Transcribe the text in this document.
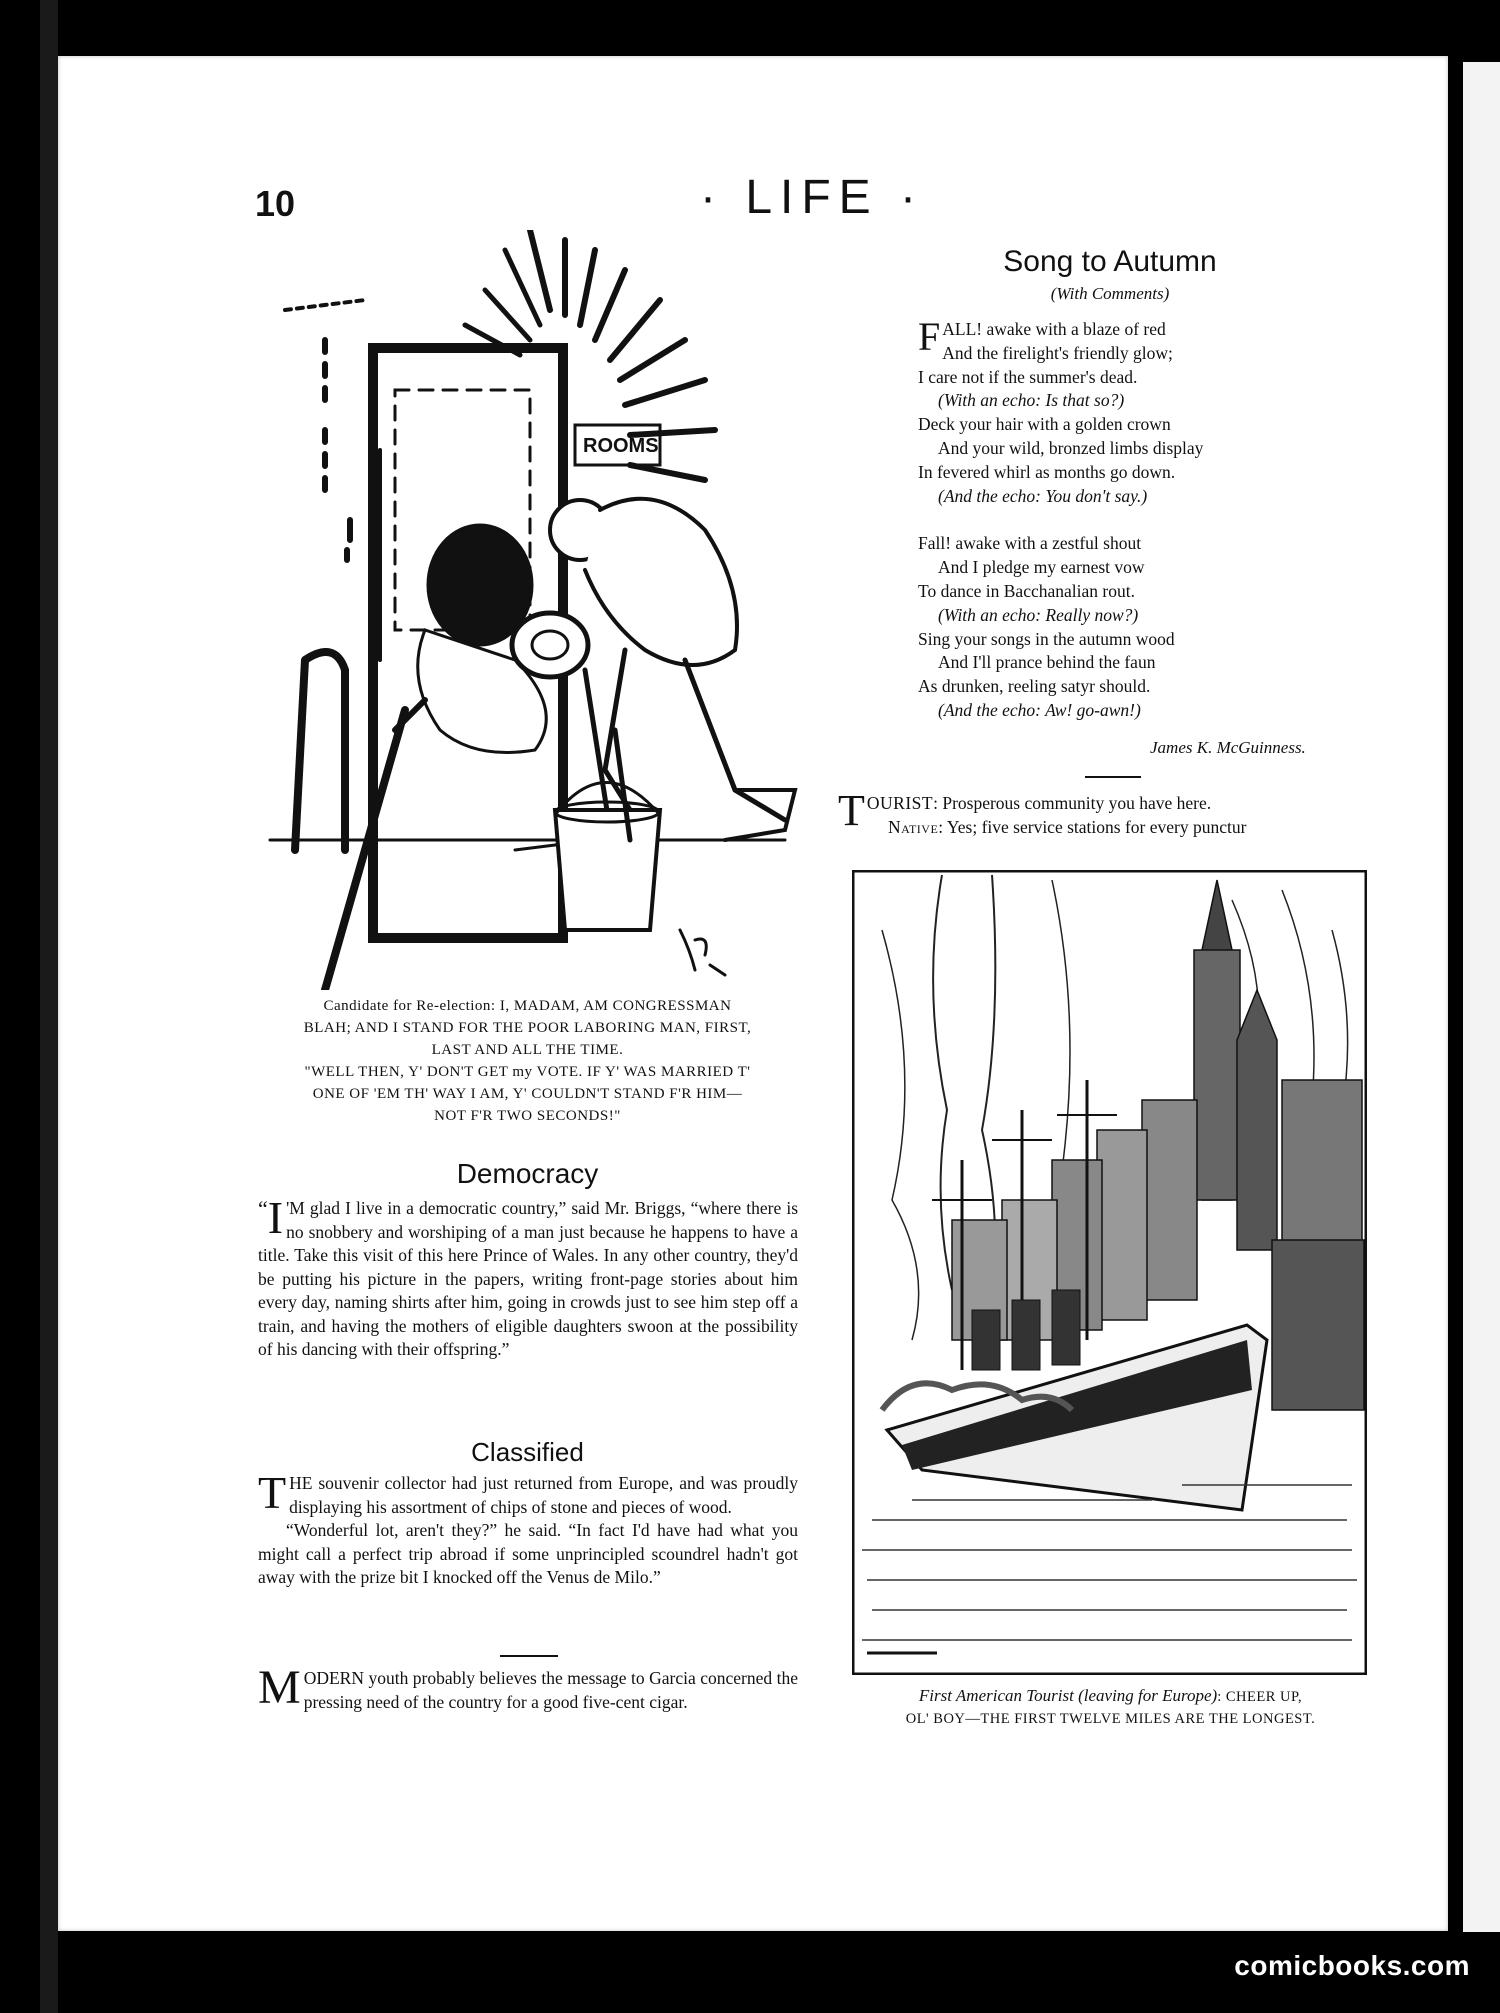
10	· LIFE ·
ROOMS
Candidate for Re-election: I, MADAM, AM CONGRESSMAN
BLAH; AND I STAND FOR THE POOR LABORING MAN, FIRST,
LAST AND ALL THE TIME.
"WELL THEN, Y' DON'T GET my VOTE. IF Y' WAS MARRIED T'
ONE OF 'EM TH' WAY I AM, Y' COULDN'T STAND F'R HIM—
NOT F'R TWO SECONDS!"
Democracy

“ I 'M glad I live in a democratic country,” said Mr. Briggs, “where there is no snobbery and worshiping of a man just because he happens to have a title. Take this visit of this here Prince of Wales. In any other country, they'd be putting his picture in the papers, writing front-page stories about him every day, naming shirts after him, going in crowds just to see him step off a train, and having the mothers of eligible daughters swoon at the possibility of his dancing with their offspring.”

Classified

THE souvenir collector had just returned from Europe, and was proudly displaying his assortment of chips of stone and pieces of wood.

“Wonderful lot, aren't they?” he said. “In fact I'd have had what you might call a perfect trip abroad if some unprincipled scoundrel hadn't got away with the prize bit I knocked off the Venus de Milo.”

MODERN youth probably believes the message to Garcia concerned the pressing need of the country for a good five-cent cigar.

Song to Autumn
(With Comments)
FALL! awake with a blaze of red
And the firelight's friendly glow;
I care not if the summer's dead.
(With an echo: Is that so?)
Deck your hair with a golden crown
And your wild, bronzed limbs display
In fevered whirl as months go down.
(And the echo: You don't say.)
Fall! awake with a zestful shout
And I pledge my earnest vow
To dance in Bacchanalian rout.
(With an echo: Really now?)
Sing your songs in the autumn wood
And I'll prance behind the faun
As drunken, reeling satyr should.
(And the echo: Aw! go-awn!)
James K. McGuinness.
TOURIST: Prosperous community you have here.
Native: Yes; five service stations for every punctur
First American Tourist (leaving for Europe): CHEER UP,
OL' BOY—THE FIRST TWELVE MILES ARE THE LONGEST.
comicbooks.com
